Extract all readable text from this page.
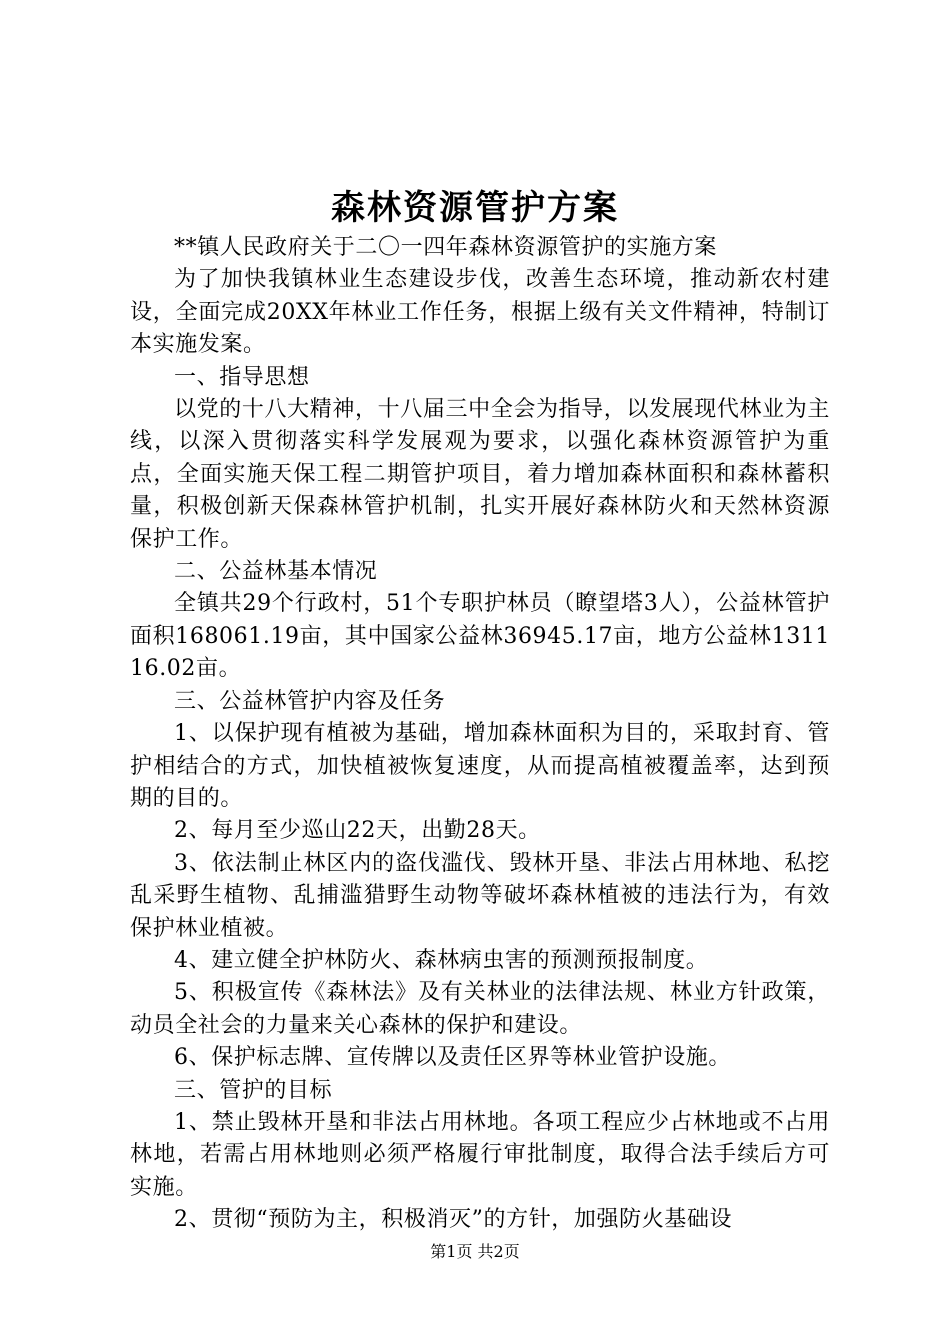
森林资源管护方案

**镇人民政府关于二〇一四年森林资源管护的实施方案

为了加快我镇林业生态建设步伐，改善生态环境，推动新农村建设，全面完成20XX年林业工作任务，根据上级有关文件精神，特制订本实施发案。

一、指导思想

以党的十八大精神，十八届三中全会为指导，以发展现代林业为主线，以深入贯彻落实科学发展观为要求，以强化森林资源管护为重点，全面实施天保工程二期管护项目，着力增加森林面积和森林蓄积量，积极创新天保森林管护机制，扎实开展好森林防火和天然林资源保护工作。

二、公益林基本情况

全镇共29个行政村，51个专职护林员（瞭望塔3人），公益林管护面积168061.19亩，其中国家公益林36945.17亩，地方公益林131116.02亩。

三、公益林管护内容及任务

1、以保护现有植被为基础，增加森林面积为目的，采取封育、管护相结合的方式，加快植被恢复速度，从而提高植被覆盖率，达到预期的目的。

2、每月至少巡山22天，出勤28天。

3、依法制止林区内的盗伐滥伐、毁林开垦、非法占用林地、私挖乱采野生植物、乱捕滥猎野生动物等破坏森林植被的违法行为，有效保护林业植被。

4、建立健全护林防火、森林病虫害的预测预报制度。

5、积极宣传《森林法》及有关林业的法律法规、林业方针政策，动员全社会的力量来关心森林的保护和建设。

6、保护标志牌、宣传牌以及责任区界等林业管护设施。

三、管护的目标

1、禁止毁林开垦和非法占用林地。各项工程应少占林地或不占用林地，若需占用林地则必须严格履行审批制度，取得合法手续后方可实施。

2、贯彻“预防为主，积极消灭”的方针，加强防火基础设

第1页 共2页
